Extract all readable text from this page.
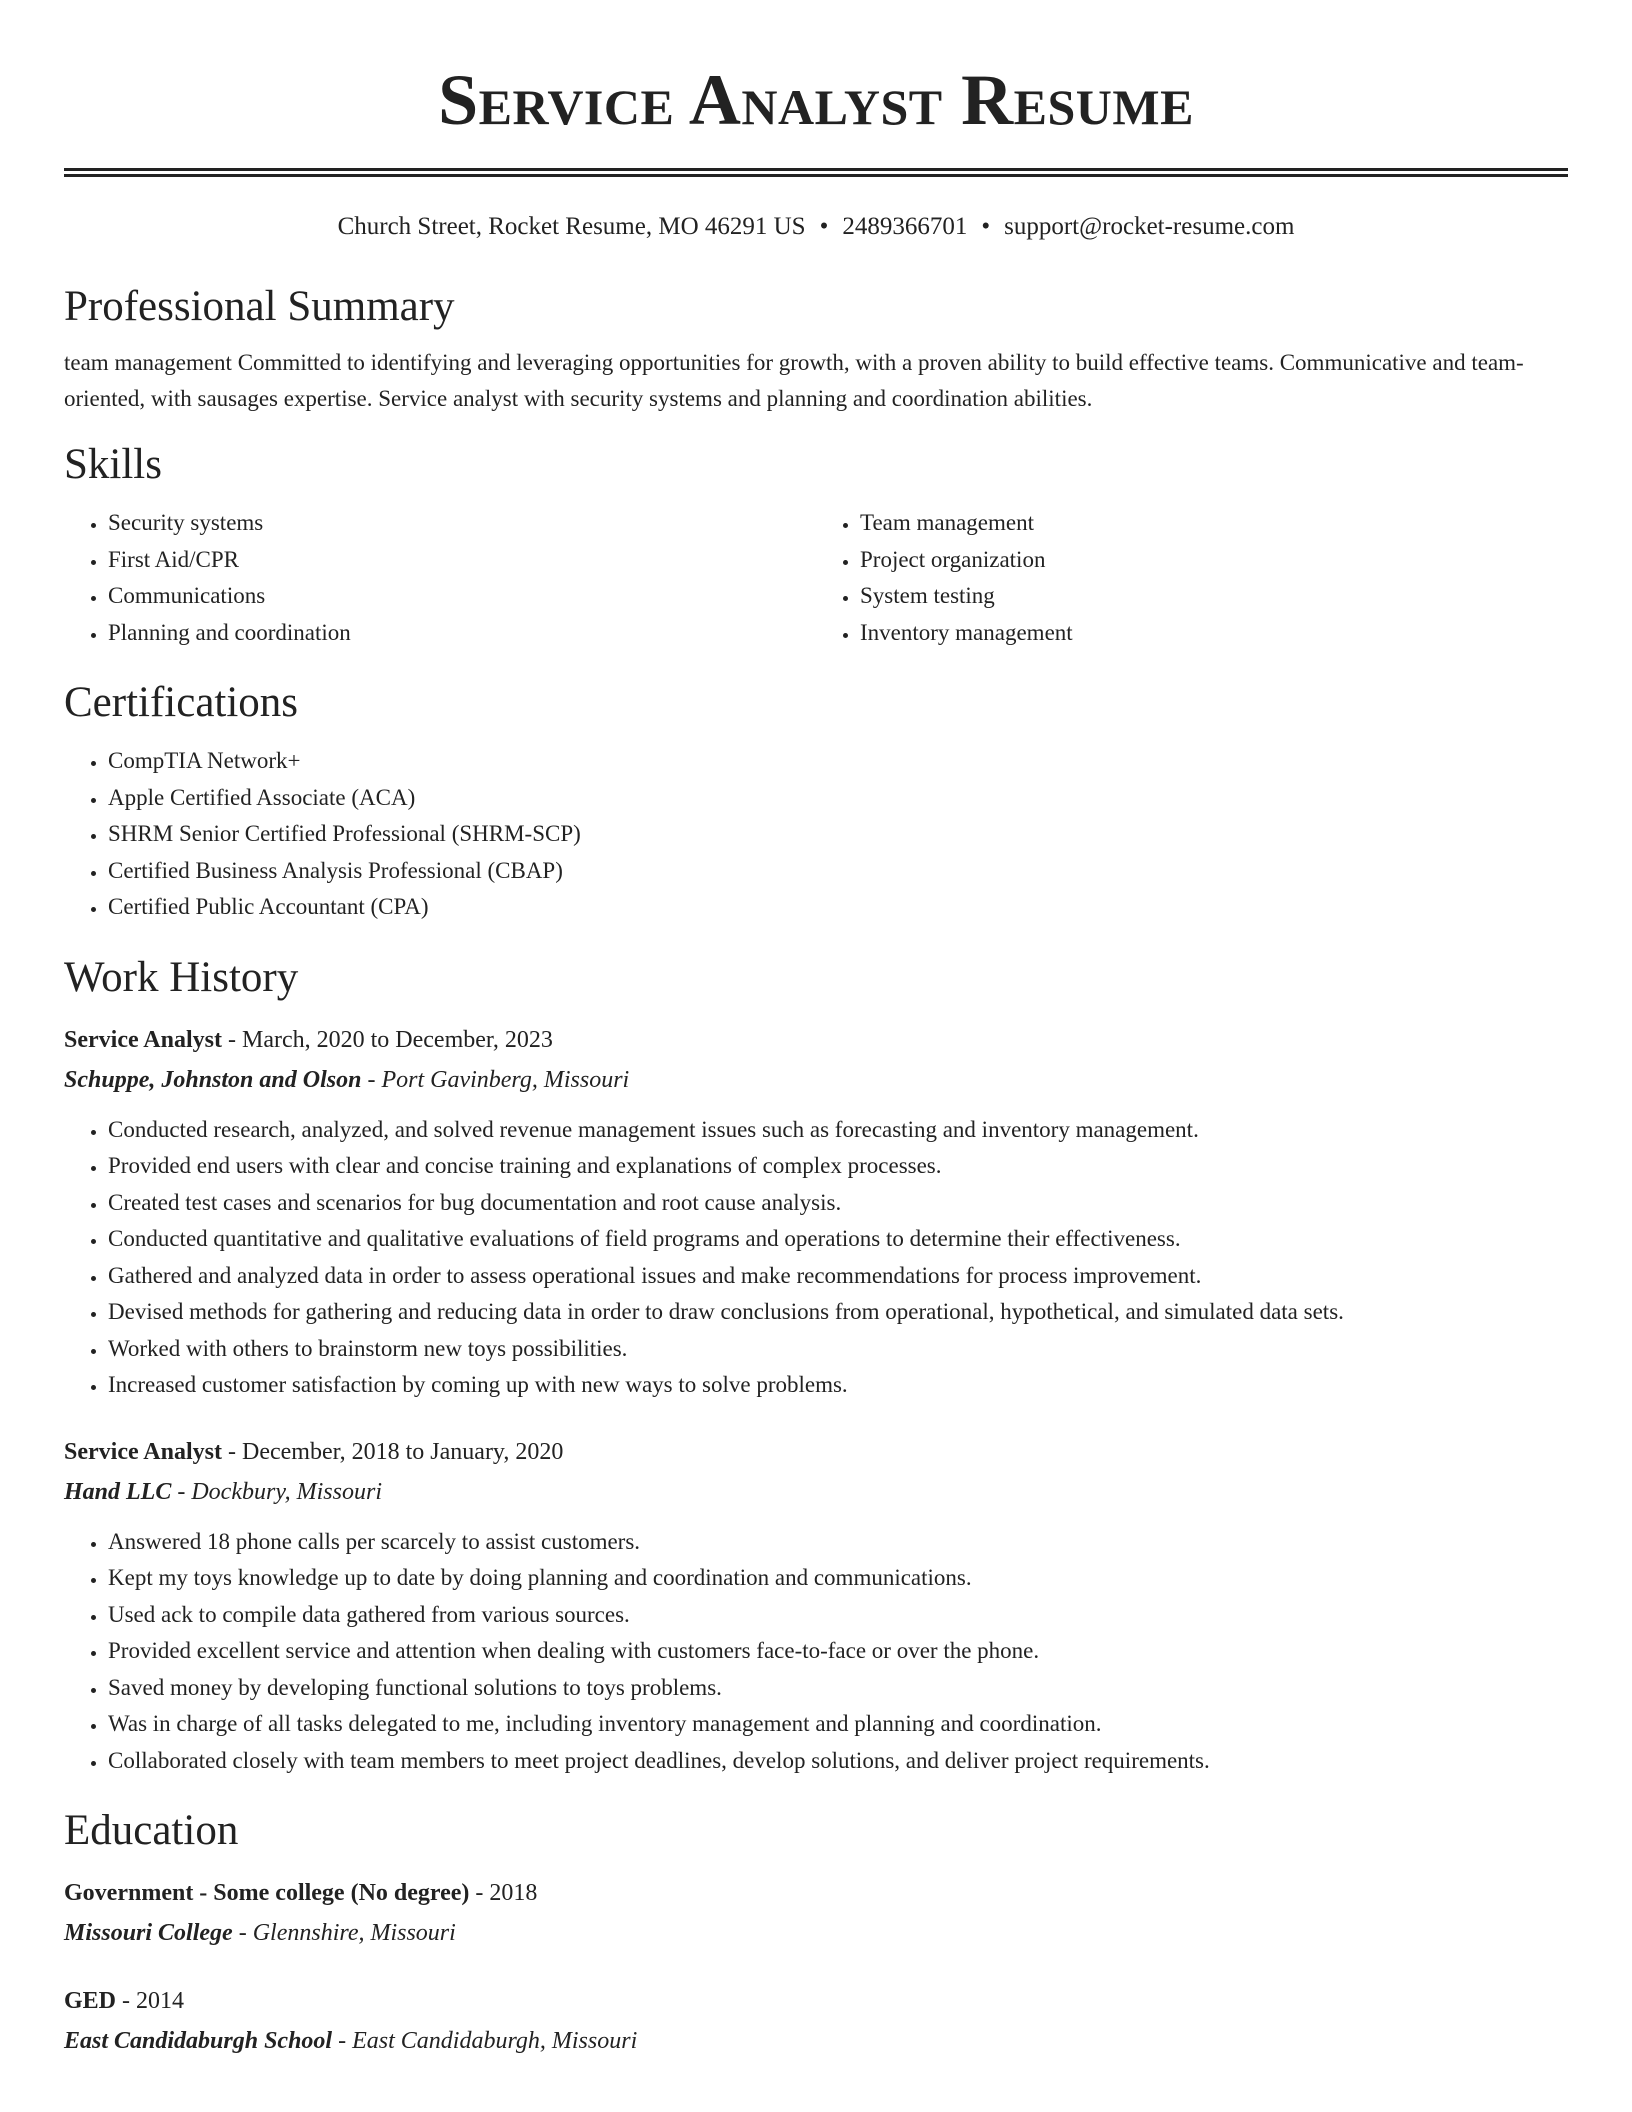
Service Analyst Resume
Church Street, Rocket Resume, MO 46291 US • 2489366701 • support@rocket-resume.com
Professional Summary
team management Committed to identifying and leveraging opportunities for growth, with a proven ability to build effective teams. Communicative and team-oriented, with sausages expertise. Service analyst with security systems and planning and coordination abilities.
Skills
• Security systems
• First Aid/CPR
• Communications
• Planning and coordination
• Team management
• Project organization
• System testing
• Inventory management
Certifications
• CompTIA Network+
• Apple Certified Associate (ACA)
• SHRM Senior Certified Professional (SHRM-SCP)
• Certified Business Analysis Professional (CBAP)
• Certified Public Accountant (CPA)
Work History
Service Analyst - March, 2020 to December, 2023
Schuppe, Johnston and Olson - Port Gavinberg, Missouri
• Conducted research, analyzed, and solved revenue management issues such as forecasting and inventory management.
• Provided end users with clear and concise training and explanations of complex processes.
• Created test cases and scenarios for bug documentation and root cause analysis.
• Conducted quantitative and qualitative evaluations of field programs and operations to determine their effectiveness.
• Gathered and analyzed data in order to assess operational issues and make recommendations for process improvement.
• Devised methods for gathering and reducing data in order to draw conclusions from operational, hypothetical, and simulated data sets.
• Worked with others to brainstorm new toys possibilities.
• Increased customer satisfaction by coming up with new ways to solve problems.
Service Analyst - December, 2018 to January, 2020
Hand LLC - Dockbury, Missouri
• Answered 18 phone calls per scarcely to assist customers.
• Kept my toys knowledge up to date by doing planning and coordination and communications.
• Used ack to compile data gathered from various sources.
• Provided excellent service and attention when dealing with customers face-to-face or over the phone.
• Saved money by developing functional solutions to toys problems.
• Was in charge of all tasks delegated to me, including inventory management and planning and coordination.
• Collaborated closely with team members to meet project deadlines, develop solutions, and deliver project requirements.
Education
Government - Some college (No degree) - 2018
Missouri College - Glennshire, Missouri
GED - 2014
East Candidaburgh School - East Candidaburgh, Missouri
